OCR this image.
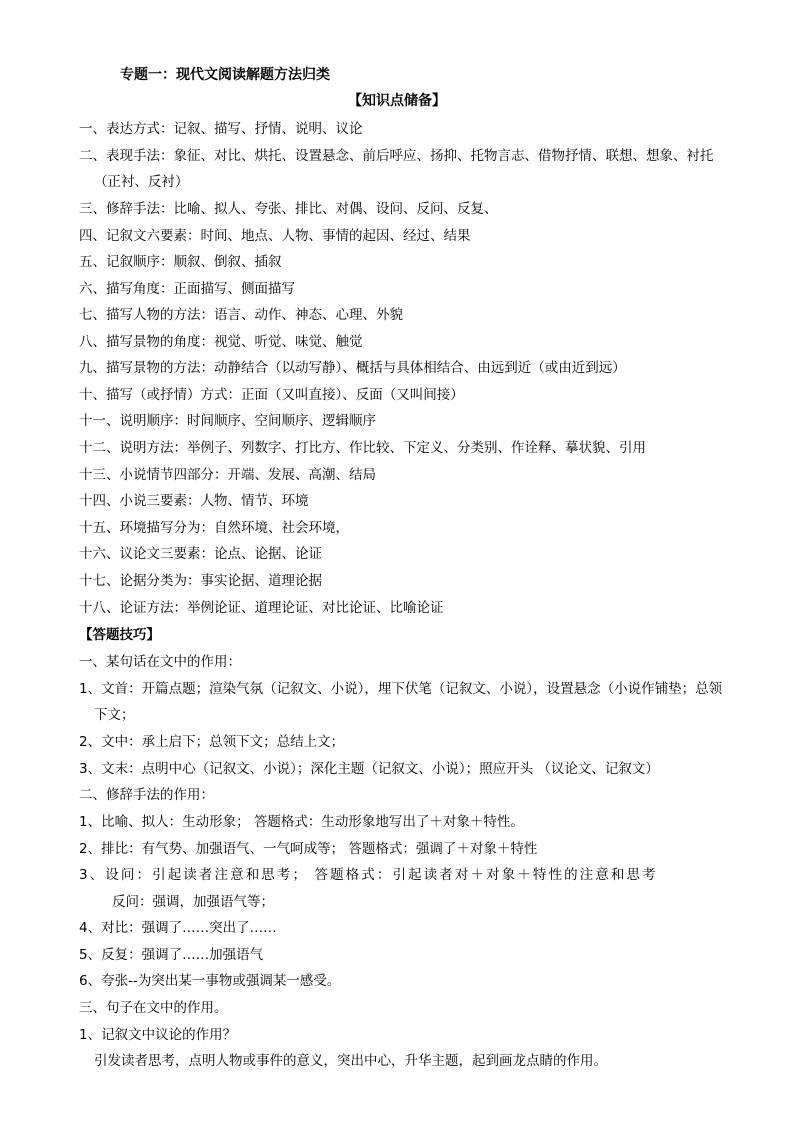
专题一：现代文阅读解题方法归类
【知识点储备】
一、表达方式：记叙、描写、抒情、说明、议论
二、表现手法：象征、对比、烘托、设置悬念、前后呼应、扬抑、托物言志、借物抒情、联想、想象、衬托
（正衬、反衬）
三、修辞手法：比喻、拟人、夸张、排比、对偶、设问、反问、反复、
四、记叙文六要素：时间、地点、人物、事情的起因、经过、结果
五、记叙顺序：顺叙、倒叙、插叙
六、描写角度：正面描写、侧面描写
七、描写人物的方法：语言、动作、神态、心理、外貌
八、描写景物的角度：视觉、听觉、味觉、触觉
九、描写景物的方法：动静结合（以动写静）、概括与具体相结合、由远到近（或由近到远）
十、描写（或抒情）方式：正面（又叫直接）、反面（又叫间接）
十一、说明顺序：时间顺序、空间顺序、逻辑顺序
十二、说明方法：举例子、列数字、打比方、作比较、下定义、分类别、作诠释、摹状貌、引用
十三、小说情节四部分：开端、发展、高潮、结局
十四、小说三要素：人物、情节、环境
十五、环境描写分为：自然环境、社会环境，
十六、议论文三要素：论点、论据、论证
十七、论据分类为：事实论据、道理论据
十八、论证方法：举例论证、道理论证、对比论证、比喻论证
【答题技巧】
一、某句话在文中的作用：
1、文首：开篇点题；渲染气氛（记叙文、小说），埋下伏笔（记叙文、小说），设置悬念（小说作铺垫；总领
下文；
2、文中：承上启下；总领下文；总结上文；
3、文末：点明中心（记叙文、小说）；深化主题（记叙文、小说）；照应开头 （议论文、记叙文）
二、修辞手法的作用：
1、比喻、拟人：生动形象； 答题格式：生动形象地写出了＋对象＋特性。
2、排比：有气势、加强语气、一气呵成等； 答题格式：强调了＋对象＋特性
3、设问：引起读者注意和思考； 答题格式：引起读者对＋对象＋特性的注意和思考
反问：强调，加强语气等；
4、对比：强调了……突出了……
5、反复：强调了……加强语气
6、夸张--为突出某一事物或强调某一感受。
三、句子在文中的作用。
1、记叙文中议论的作用？
引发读者思考，点明人物或事件的意义，突出中心，升华主题，起到画龙点睛的作用。
